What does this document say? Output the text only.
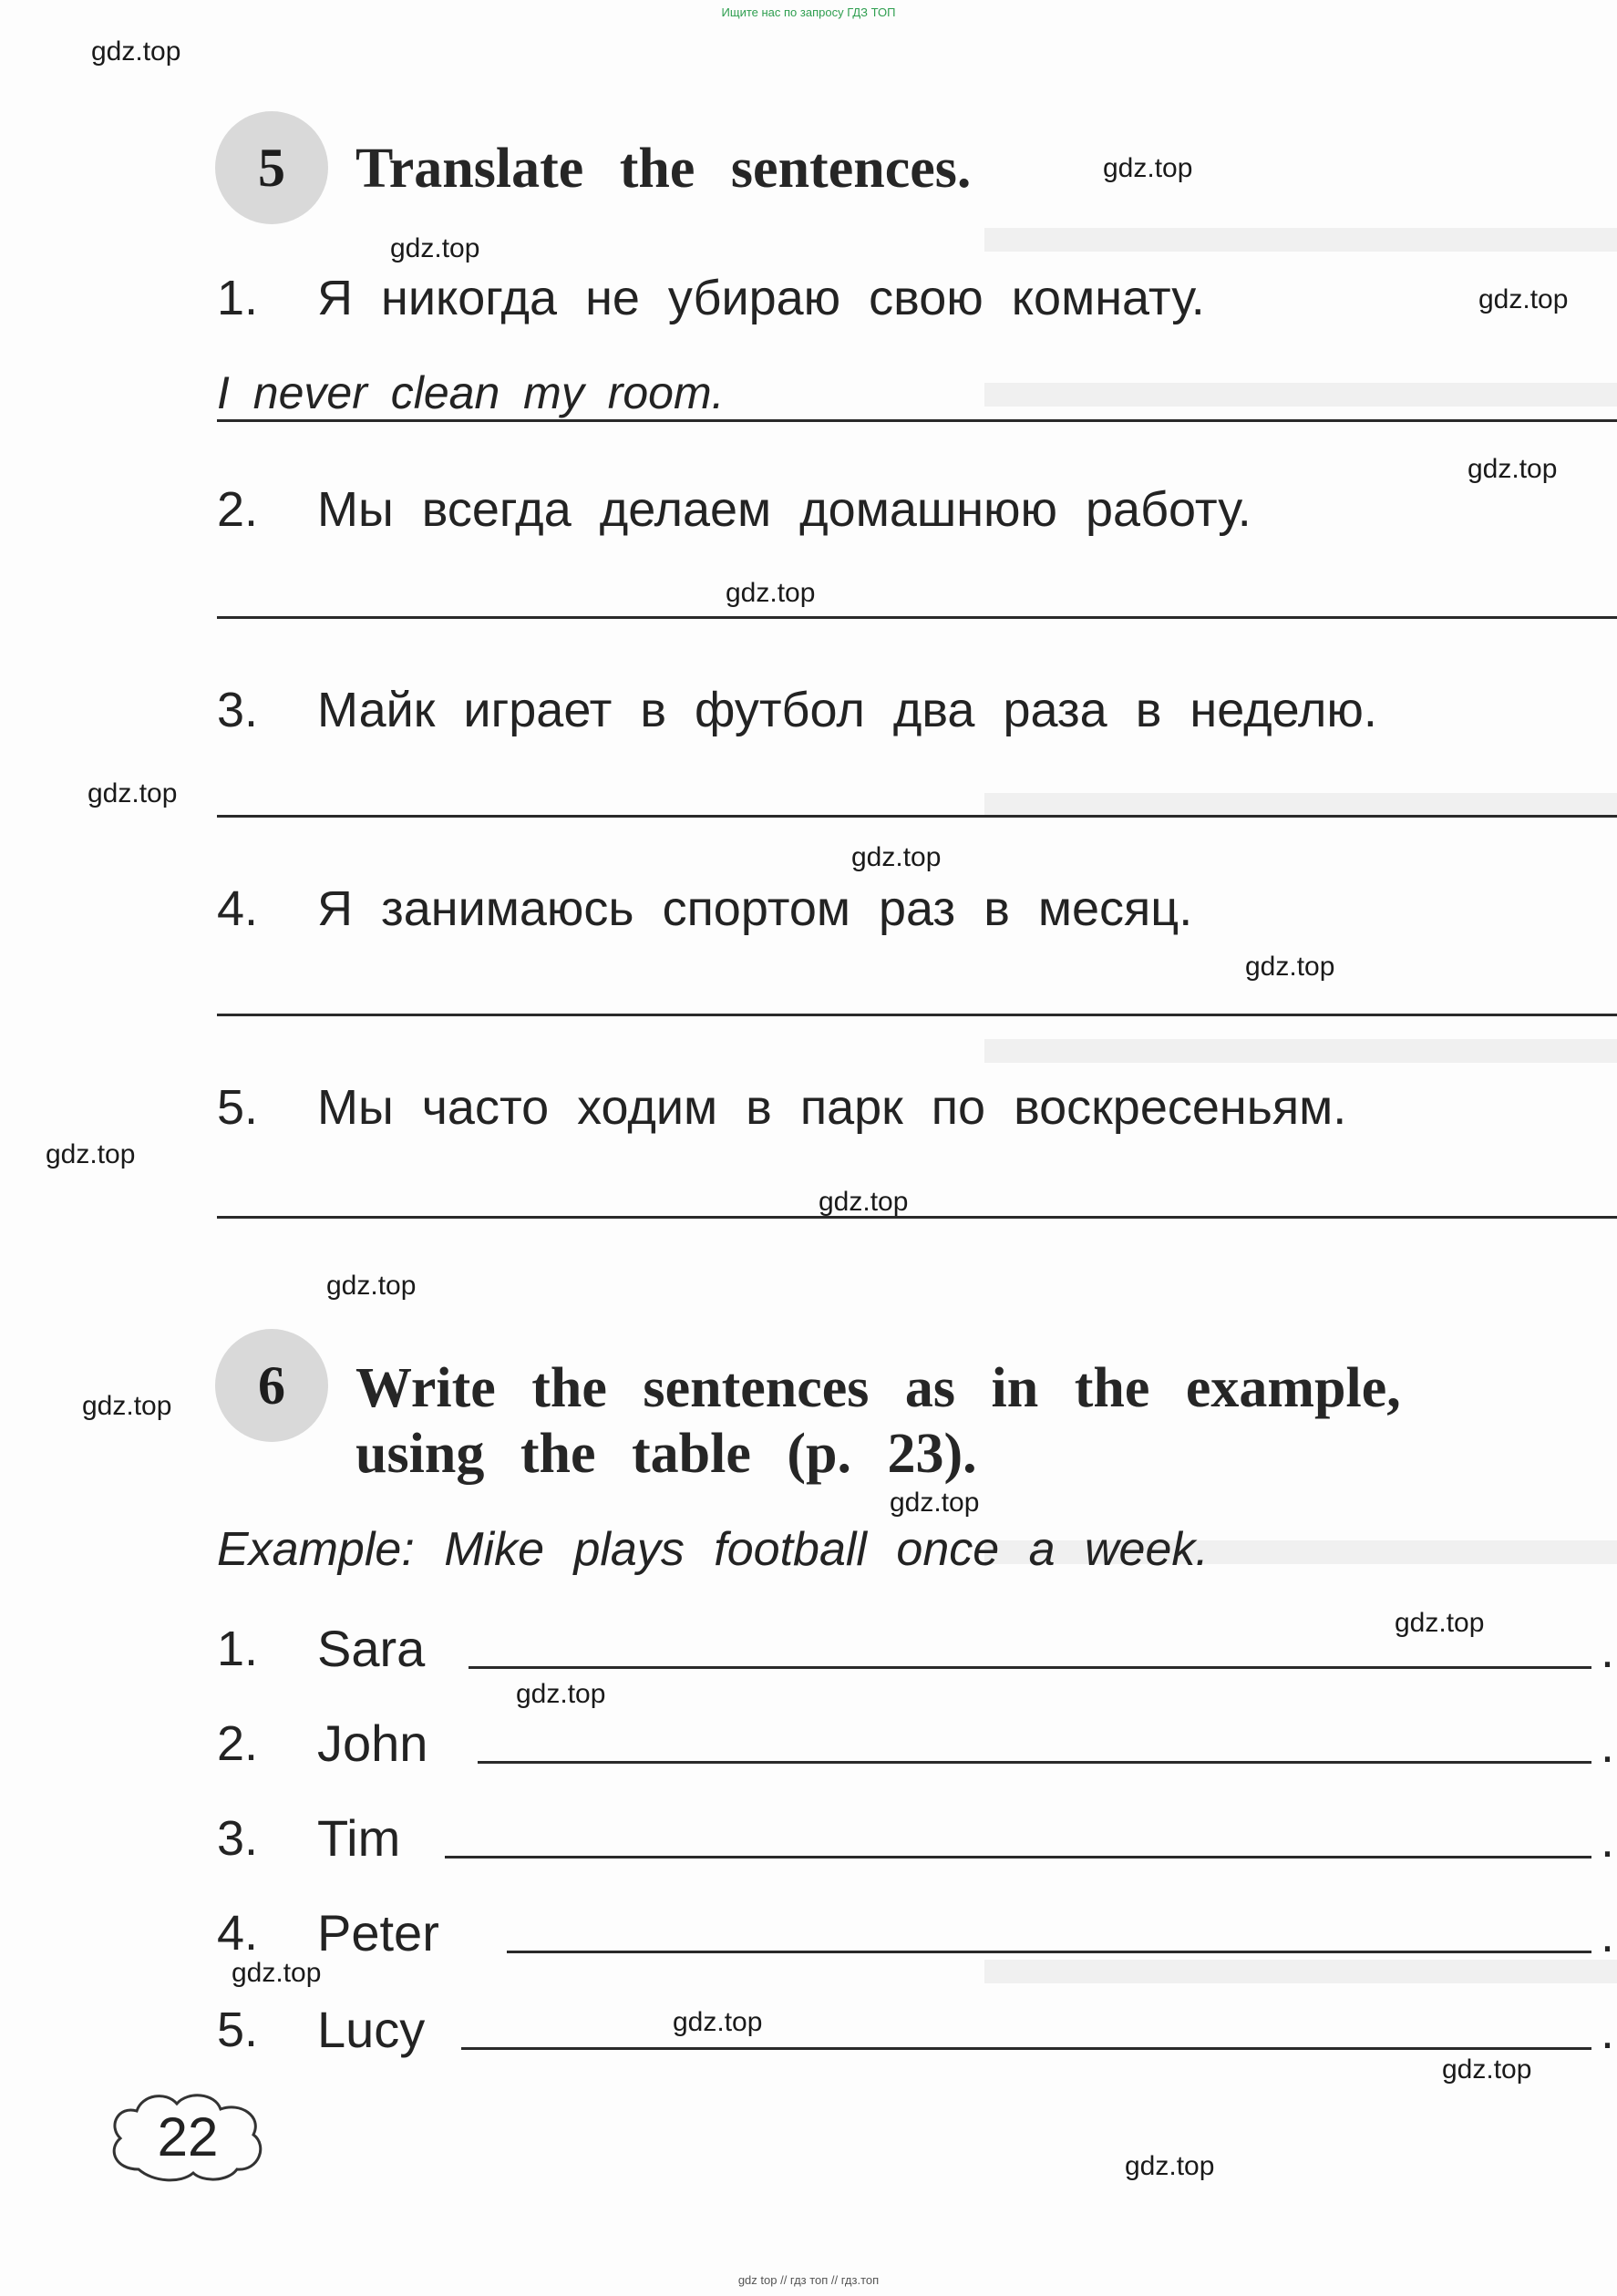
Ищите нас по запросу ГДЗ ТОП
5	Translate the sentences.
1. Я никогда не убираю свою комнату.
I never clean my room.
2. Мы всегда делаем домашнюю работу.
3. Майк играет в футбол два раза в неделю.
4. Я занимаюсь спортом раз в месяц.
5. Мы часто ходим в парк по воскресеньям.
6	Write the sentences as in the example,
using the table (p. 23).
Example: Mike plays football once a week.
1. Sara	.
2. John	.
3. Tim	.
4. Peter	.
5. Lucy	.
22
gdz top // гдз топ // гдз.топ
gdz.top
gdz.top
gdz.top
gdz.top
gdz.top
gdz.top
gdz.top
gdz.top
gdz.top
gdz.top
gdz.top
gdz.top
gdz.top
gdz.top
gdz.top
gdz.top
gdz.top
gdz.top
gdz.top
gdz.top
